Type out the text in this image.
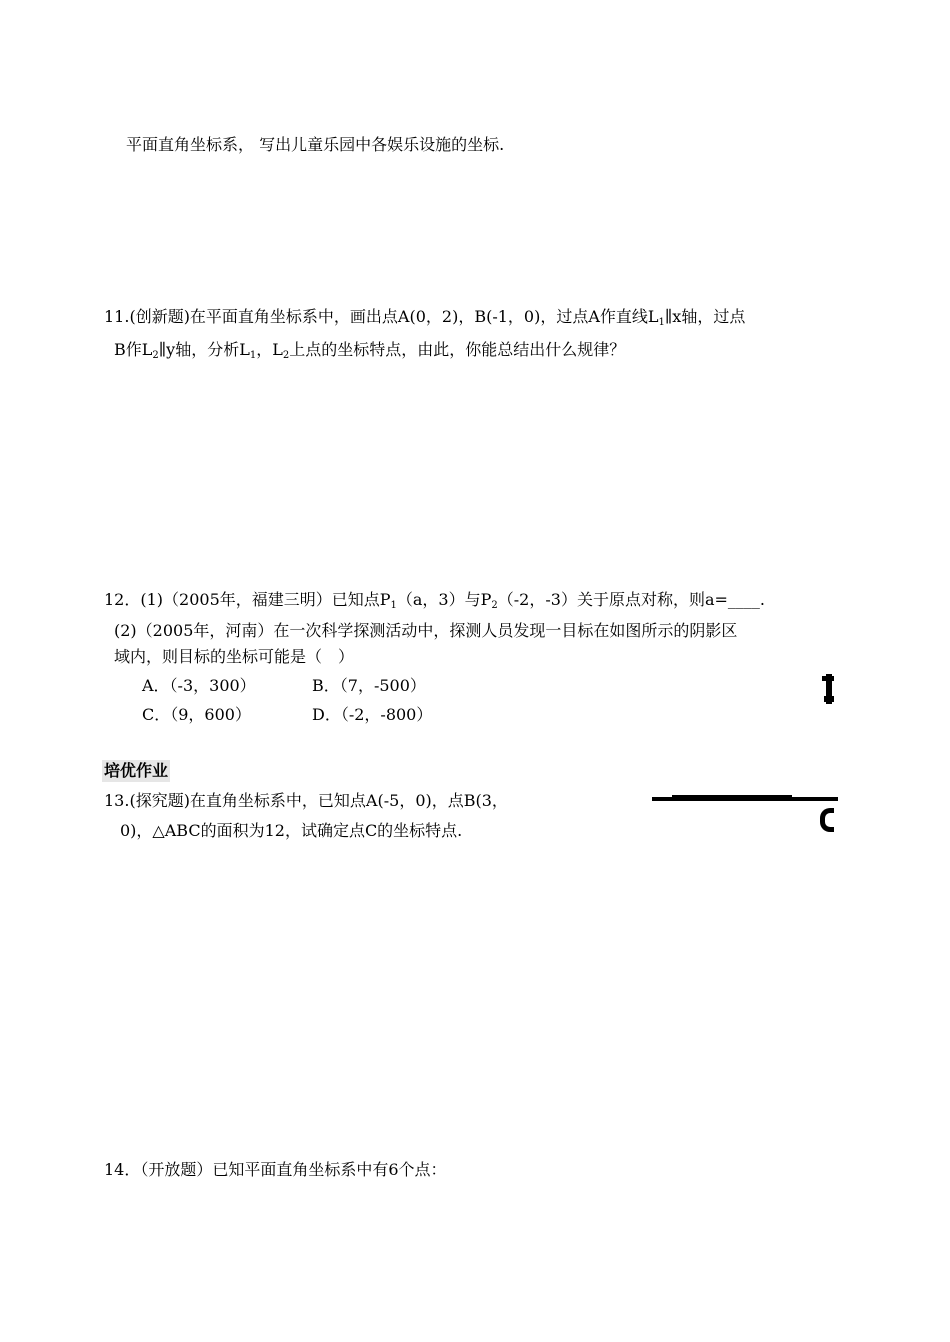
平面直角坐标系， 写出儿童乐园中各娱乐设施的坐标.
11.(创新题)在平面直角坐标系中，画出点A(0，2)，B(-1，0)，过点A作直线$L_1\parallel x$轴，过点
B作$L_2\parallel y$轴，分析$L_1$，$L_2$上点的坐标特点，由此，你能总结出什么规律？
12．(1)（2005年，福建三明）已知点$P_1(a$，3）与$P_2(-2$，-3）关于原点对称，则a=____.
(2)（2005年，河南）在一次科学探测活动中，探测人员发现一目标在如图所示的阴影区
域内，则目标的坐标可能是（　）
A．（-3，300）	B．（7，-500）
C．（9，600）	D．（-2，-800）
培优作业
13.(探究题)在直角坐标系中，已知点A(-5，0)，点B(3，
0)，△ABC的面积为12，试确定点C的坐标特点.
14．（开放题）已知平面直角坐标系中有6个点：
